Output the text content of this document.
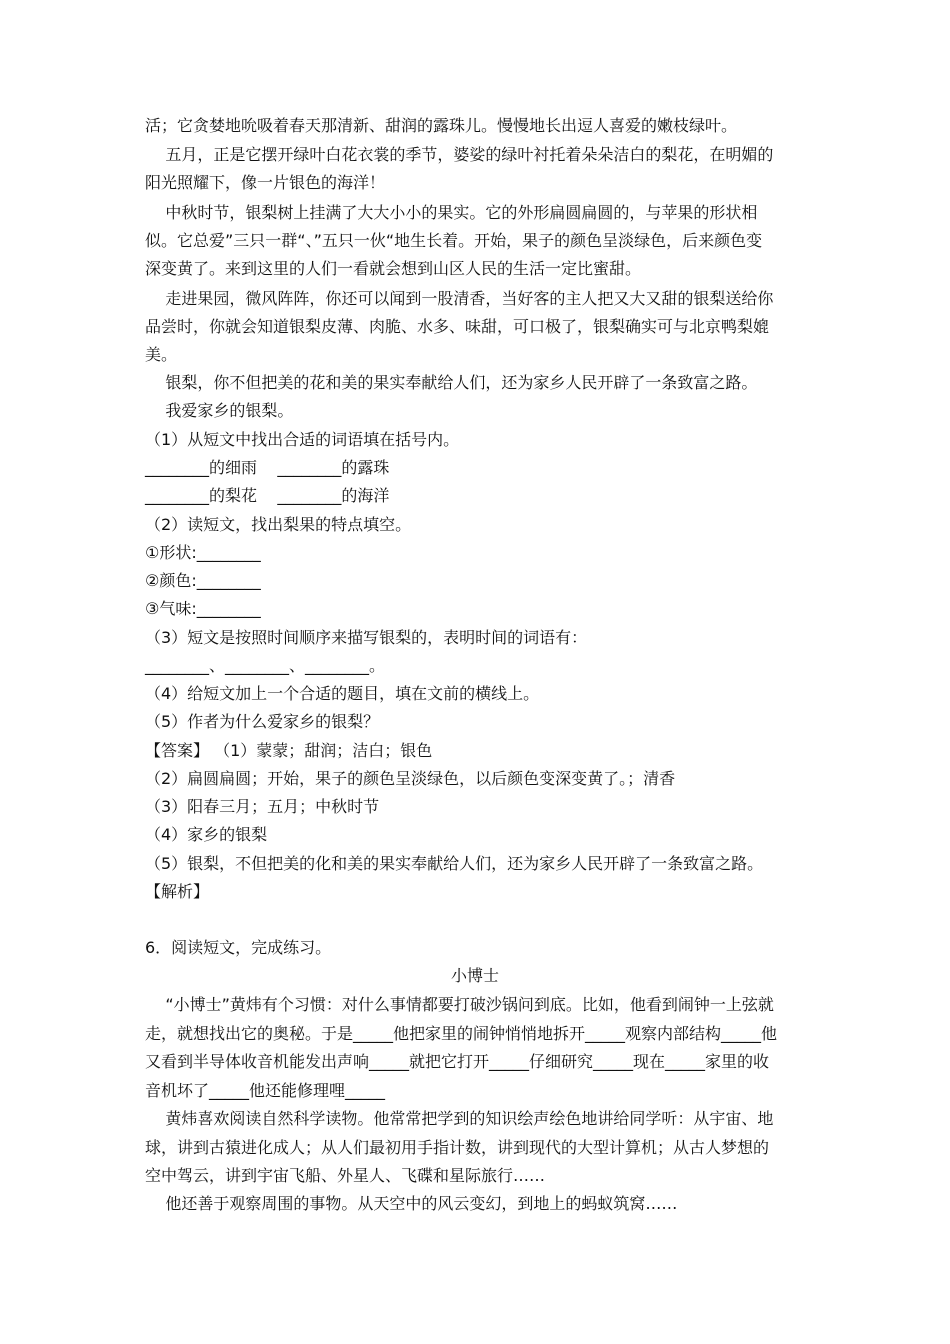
活；它贪婪地吮吸着春天那清新、甜润的露珠儿。慢慢地长出逗人喜爱的嫩枝绿叶。
五月，正是它摆开绿叶白花衣裳的季节，婆娑的绿叶衬托着朵朵洁白的梨花，在明媚的
阳光照耀下，像一片银色的海洋！
中秋时节，银梨树上挂满了大大小小的果实。它的外形扁圆扁圆的，与苹果的形状相
似。它总爱”三只一群“、”五只一伙“地生长着。开始，果子的颜色呈淡绿色，后来颜色变
深变黄了。来到这里的人们一看就会想到山区人民的生活一定比蜜甜。
走进果园，微风阵阵，你还可以闻到一股清香，当好客的主人把又大又甜的银梨送给你
品尝时，你就会知道银梨皮薄、肉脆、水多、味甜，可口极了，银梨确实可与北京鸭梨媲
美。
银梨，你不但把美的花和美的果实奉献给人们，还为家乡人民开辟了一条致富之路。
我爱家乡的银梨。
（1）从短文中找出合适的词语填在括号内。
________的细雨    ________的露珠
________的梨花    ________的海洋
（2）读短文，找出梨果的特点填空。
①形状:________
②颜色:________
③气味:________
（3）短文是按照时间顺序来描写银梨的，表明时间的词语有：
________、________、________。
（4）给短文加上一个合适的题目，填在文前的横线上。
（5）作者为什么爱家乡的银梨？
【答案】 （1）蒙蒙；甜润；洁白；银色
（2）扁圆扁圆；开始，果子的颜色呈淡绿色，以后颜色变深变黄了。；清香
（3）阳春三月；五月；中秋时节
（4）家乡的银梨
（5）银梨，不但把美的化和美的果实奉献给人们，还为家乡人民开辟了一条致富之路。
【解析】
6．阅读短文，完成练习。
小博士
“小博士”黄炜有个习惯：对什么事情都要打破沙锅问到底。比如，他看到闹钟一上弦就
走，就想找出它的奥秘。于是_____他把家里的闹钟悄悄地拆开_____观察内部结构_____他
又看到半导体收音机能发出声响_____就把它打开_____仔细研究_____现在_____家里的收
音机坏了_____他还能修理哩_____
黄炜喜欢阅读自然科学读物。他常常把学到的知识绘声绘色地讲给同学听：从宇宙、地
球，讲到古猿进化成人；从人们最初用手指计数，讲到现代的大型计算机；从古人梦想的
空中驾云，讲到宇宙飞船、外星人、飞碟和星际旅行……
他还善于观察周围的事物。从天空中的风云变幻，到地上的蚂蚁筑窝……
